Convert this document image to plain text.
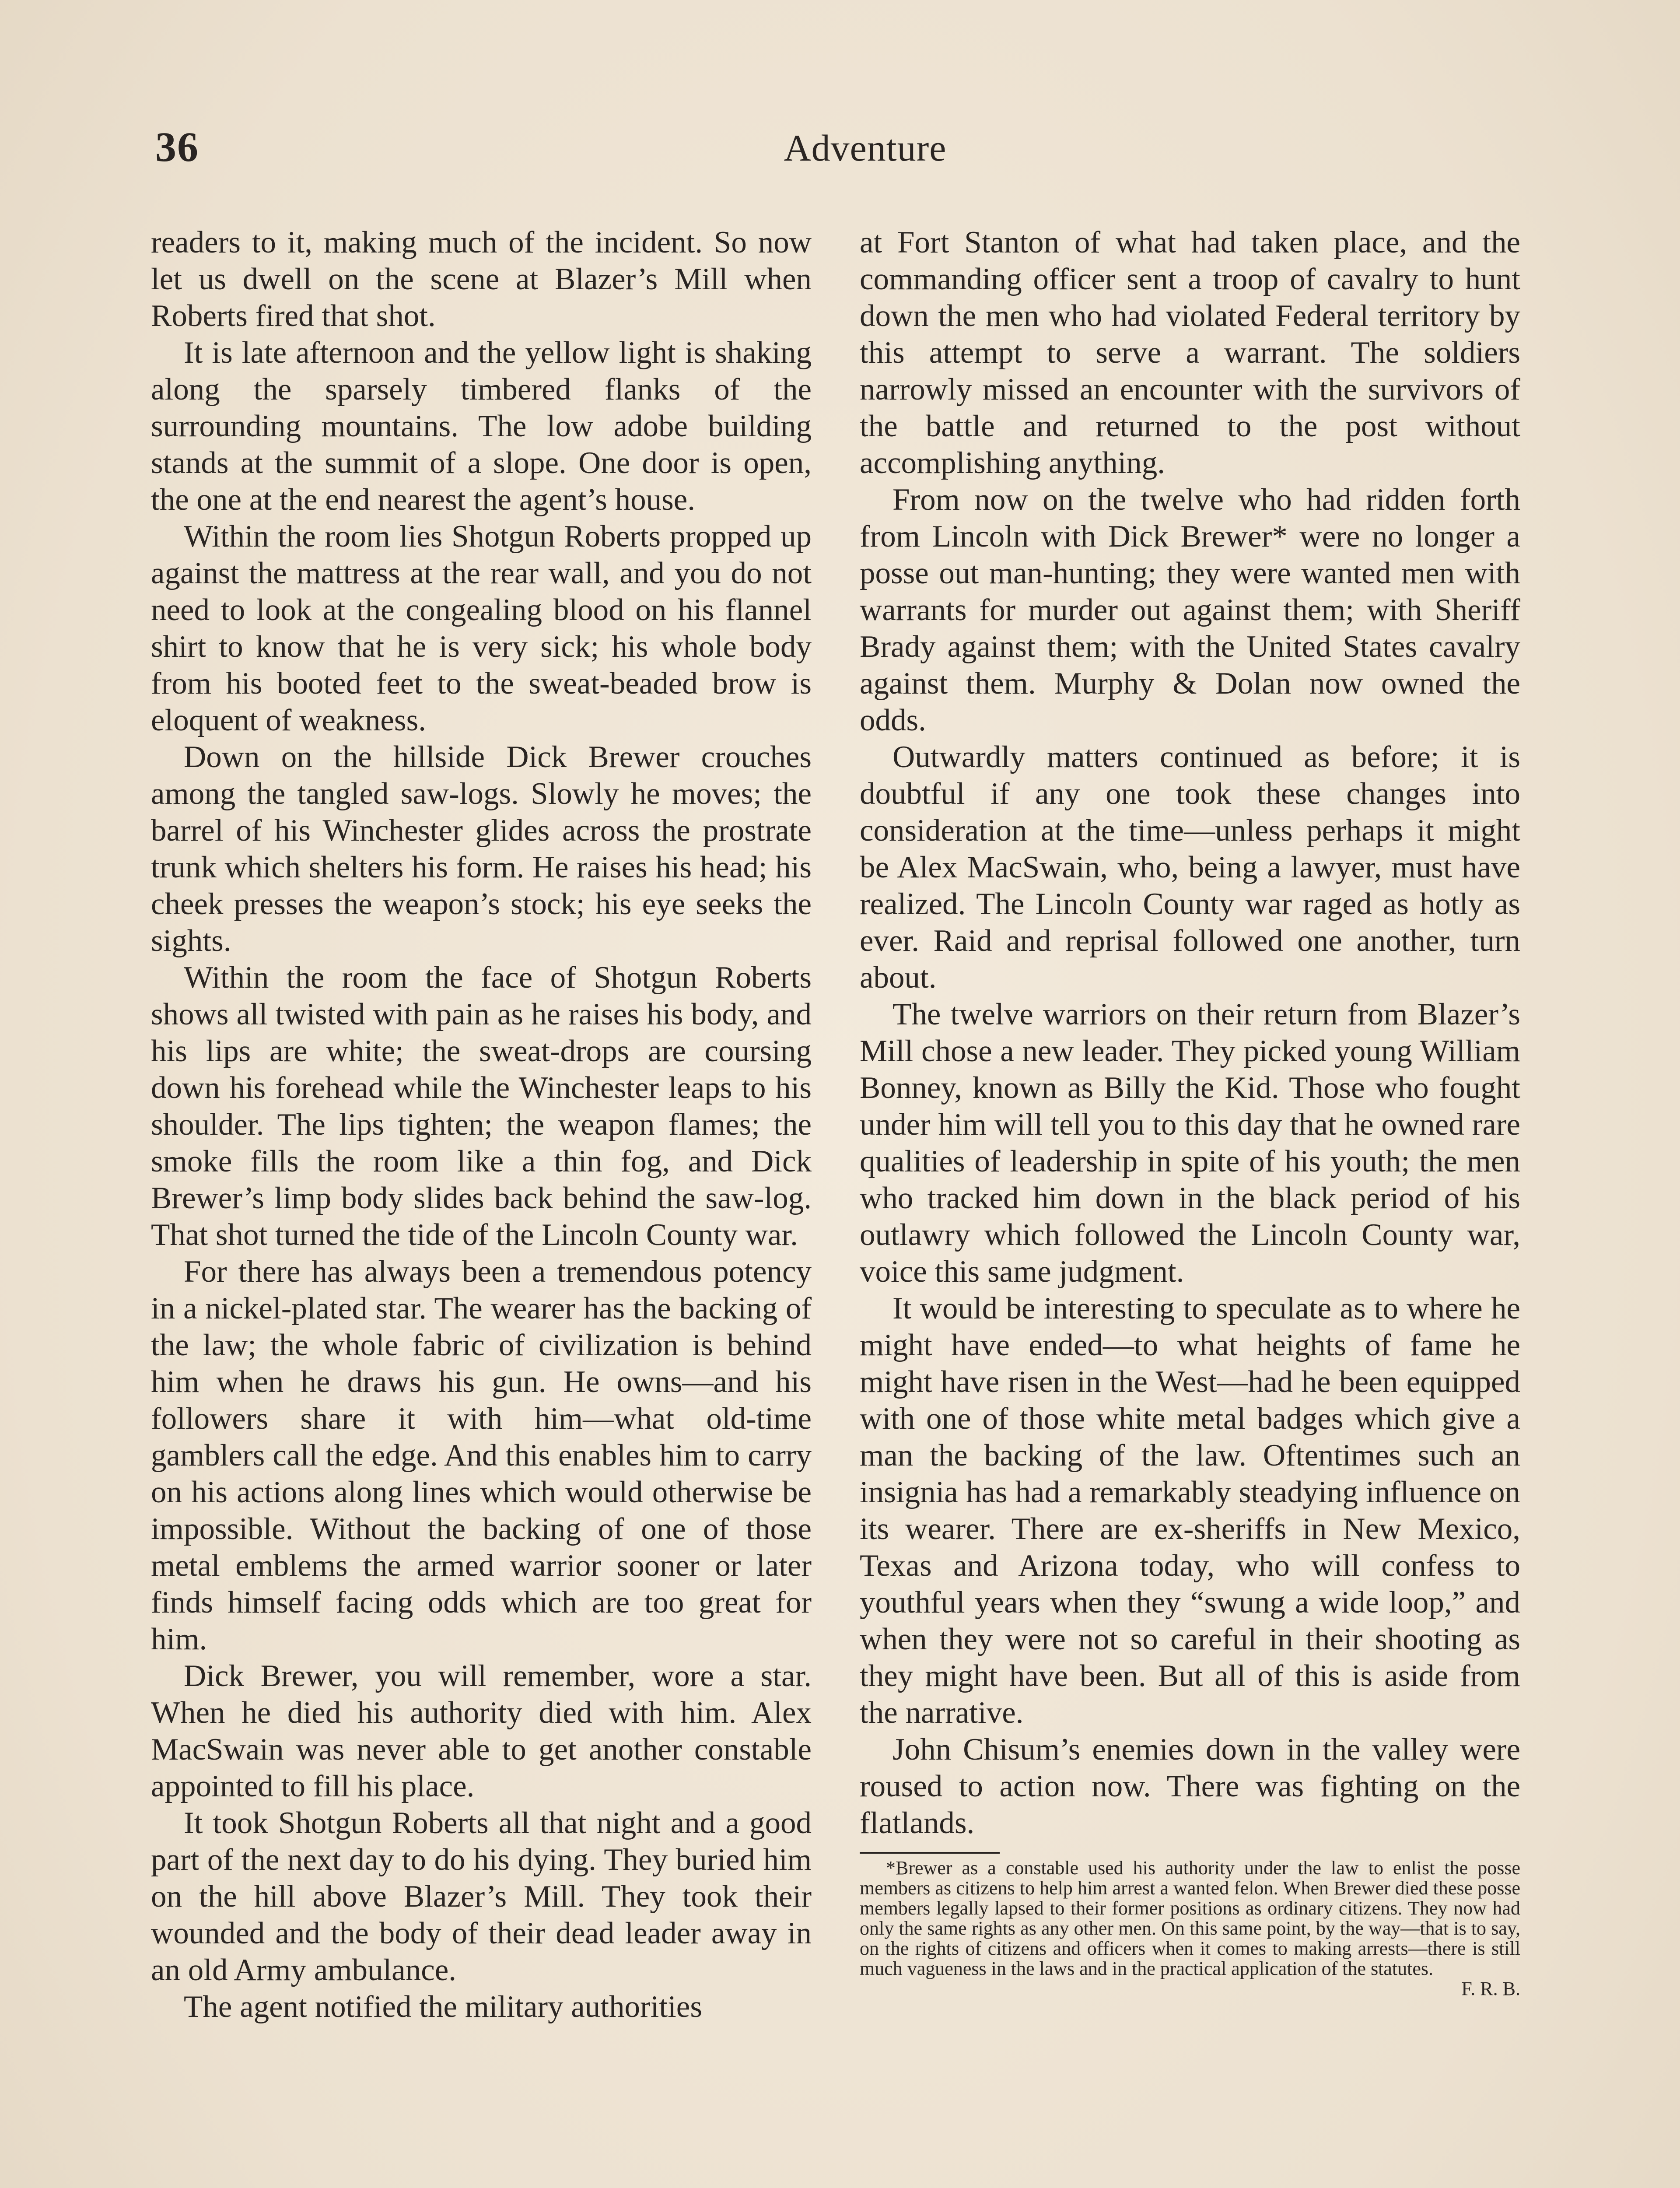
36	Adventure

readers to it, making much of the incident. So now let us dwell on the scene at Blazer’s Mill when Roberts fired that shot.

It is late afternoon and the yellow light is shaking along the sparsely timbered flanks of the surrounding mountains. The low adobe building stands at the summit of a slope. One door is open, the one at the end nearest the agent’s house.

Within the room lies Shotgun Roberts propped up against the mattress at the rear wall, and you do not need to look at the congealing blood on his flannel shirt to know that he is very sick; his whole body from his booted feet to the sweat-beaded brow is eloquent of weakness.

Down on the hillside Dick Brewer crouches among the tangled saw-logs. Slowly he moves; the barrel of his Winchester glides across the prostrate trunk which shelters his form. He raises his head; his cheek presses the weapon’s stock; his eye seeks the sights.

Within the room the face of Shotgun Roberts shows all twisted with pain as he raises his body, and his lips are white; the sweat-drops are coursing down his forehead while the Winchester leaps to his shoulder. The lips tighten; the weapon flames; the smoke fills the room like a thin fog, and Dick Brewer’s limp body slides back behind the saw-log. That shot turned the tide of the Lincoln County war.

For there has always been a tremendous potency in a nickel-plated star. The wearer has the backing of the law; the whole fabric of civilization is behind him when he draws his gun. He owns—and his followers share it with him—what old-time gamblers call the edge. And this enables him to carry on his actions along lines which would otherwise be impossible. Without the backing of one of those metal emblems the armed warrior sooner or later finds himself facing odds which are too great for him.

Dick Brewer, you will remember, wore a star. When he died his authority died with him. Alex MacSwain was never able to get another constable appointed to fill his place.

It took Shotgun Roberts all that night and a good part of the next day to do his dying. They buried him on the hill above Blazer’s Mill. They took their wounded and the body of their dead leader away in an old Army ambulance.

The agent notified the military authorities

at Fort Stanton of what had taken place, and the commanding officer sent a troop of cavalry to hunt down the men who had violated Federal territory by this attempt to serve a warrant. The soldiers narrowly missed an encounter with the survivors of the battle and returned to the post without accomplishing anything.

From now on the twelve who had ridden forth from Lincoln with Dick Brewer* were no longer a posse out man-hunting; they were wanted men with warrants for murder out against them; with Sheriff Brady against them; with the United States cavalry against them. Murphy & Dolan now owned the odds.

Outwardly matters continued as before; it is doubtful if any one took these changes into consideration at the time—unless perhaps it might be Alex MacSwain, who, being a lawyer, must have realized. The Lincoln County war raged as hotly as ever. Raid and reprisal followed one another, turn about.

The twelve warriors on their return from Blazer’s Mill chose a new leader. They picked young William Bonney, known as Billy the Kid. Those who fought under him will tell you to this day that he owned rare qualities of leadership in spite of his youth; the men who tracked him down in the black period of his outlawry which followed the Lincoln County war, voice this same judgment.

It would be interesting to speculate as to where he might have ended—to what heights of fame he might have risen in the West—had he been equipped with one of those white metal badges which give a man the backing of the law. Oftentimes such an insignia has had a remarkably steadying influence on its wearer. There are ex-sheriffs in New Mexico, Texas and Arizona today, who will confess to youthful years when they “swung a wide loop,” and when they were not so careful in their shooting as they might have been. But all of this is aside from the narrative.

John Chisum’s enemies down in the valley were roused to action now. There was fighting on the flatlands.

*Brewer as a constable used his authority under the law to enlist the posse members as citizens to help him arrest a wanted felon. When Brewer died these posse members legally lapsed to their former positions as ordinary citizens. They now had only the same rights as any other men. On this same point, by the way—that is to say, on the rights of citizens and officers when it comes to making arrests—there is still much vagueness in the laws and in the practical application of the statutes.
F. R. B.
